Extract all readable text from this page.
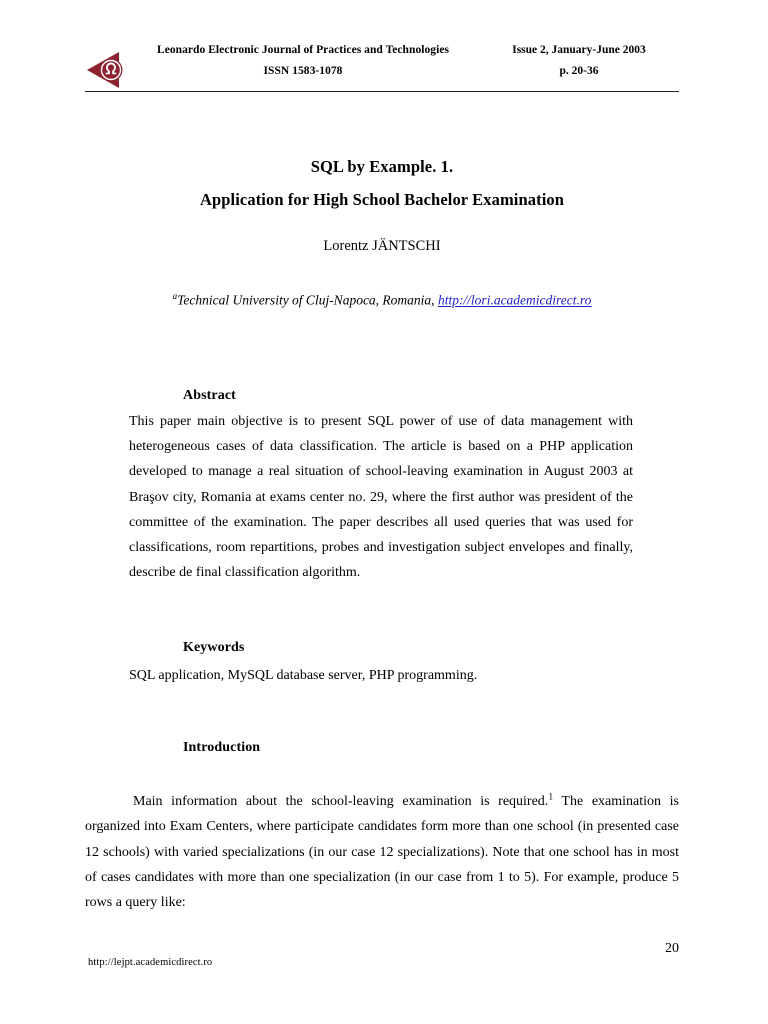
Leonardo Electronic Journal of Practices and Technologies	Issue 2, January-June 2003
ISSN 1583-1078	p. 20-36
SQL by Example. 1.
Application for High School Bachelor Examination
Lorentz JÄNTSCHI
$^a$Technical University of Cluj-Napoca, Romania, http://lori.academicdirect.ro
Abstract
This paper main objective is to present SQL power of use of data management with heterogeneous cases of data classification. The article is based on a PHP application developed to manage a real situation of school-leaving examination in August 2003 at Braşov city, Romania at exams center no. 29, where the first author was president of the committee of the examination. The paper describes all used queries that was used for classifications, room repartitions, probes and investigation subject envelopes and finally, describe de final classification algorithm.
Keywords
SQL application, MySQL database server, PHP programming.
Introduction
Main information about the school-leaving examination is required.$^1$ The examination is organized into Exam Centers, where participate candidates form more than one school (in presented case 12 schools) with varied specializations (in our case 12 specializations). Note that one school has in most of cases candidates with more than one specialization (in our case from 1 to 5). For example, produce 5 rows a query like:
20
http://lejpt.academicdirect.ro
